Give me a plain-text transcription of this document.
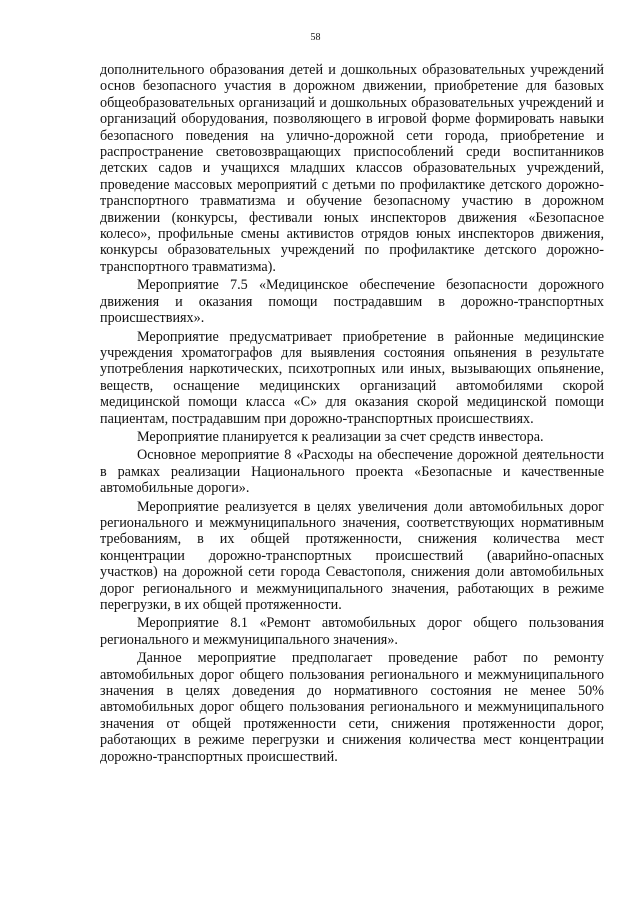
58

дополнительного образования детей и дошкольных образовательных учреждений основ безопасного участия в дорожном движении, приобретение для базовых общеобразовательных организаций и дошкольных образовательных учреждений и организаций оборудования, позволяющего в игровой форме формировать навыки безопасного поведения на улично-дорожной сети города, приобретение и распространение световозвращающих приспособлений среди воспитанников детских садов и учащихся младших классов образовательных учреждений, проведение массовых мероприятий с детьми по профилактике детского дорожно-транспортного травматизма и обучение безопасному участию в дорожном движении (конкурсы, фестивали юных инспекторов движения «Безопасное колесо», профильные смены активистов отрядов юных инспекторов движения, конкурсы образовательных учреждений по профилактике детского дорожно-транспортного травматизма).

Мероприятие 7.5 «Медицинское обеспечение безопасности дорожного движения и оказания помощи пострадавшим в дорожно-транспортных происшествиях».

Мероприятие предусматривает приобретение в районные медицинские учреждения хроматографов для выявления состояния опьянения в результате употребления наркотических, психотропных или иных, вызывающих опьянение, веществ, оснащение медицинских организаций автомобилями скорой медицинской помощи класса «С» для оказания скорой медицинской помощи пациентам, пострадавшим при дорожно-транспортных происшествиях.

Мероприятие планируется к реализации за счет средств инвестора.

Основное мероприятие 8 «Расходы на обеспечение дорожной деятельности в рамках реализации Национального проекта «Безопасные и качественные автомобильные дороги».

Мероприятие реализуется в целях увеличения доли автомобильных дорог регионального и межмуниципального значения, соответствующих нормативным требованиям, в их общей протяженности, снижения количества мест концентрации дорожно-транспортных происшествий (аварийно-опасных участков) на дорожной сети города Севастополя, снижения доли автомобильных дорог регионального и межмуниципального значения, работающих в режиме перегрузки, в их общей протяженности.

Мероприятие 8.1 «Ремонт автомобильных дорог общего пользования регионального и межмуниципального значения».

Данное мероприятие предполагает проведение работ по ремонту автомобильных дорог общего пользования регионального и межмуниципального значения в целях доведения до нормативного состояния не менее 50% автомобильных дорог общего пользования регионального и межмуниципального значения от общей протяженности сети, снижения протяженности дорог, работающих в режиме перегрузки и снижения количества мест концентрации дорожно-транспортных происшествий.
